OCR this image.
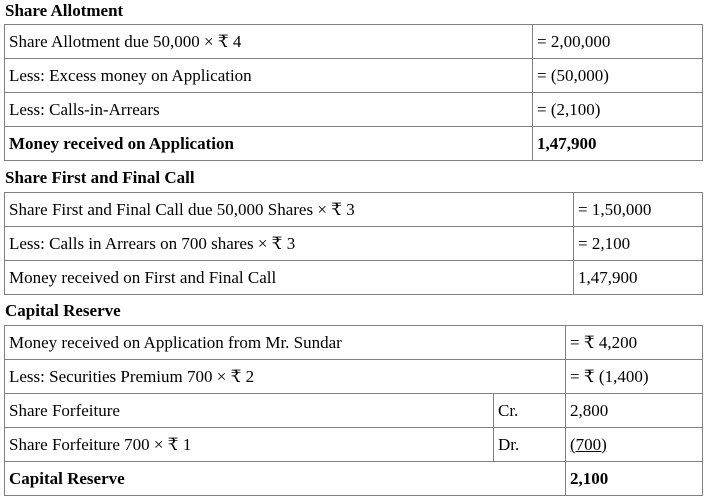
Share Allotment
Share Allotment due 50,000 × ₹ 4	= 2,00,000
Less: Excess money on Application	= (50,000)
Less: Calls-in-Arrears	= (2,100)
Money received on Application	1,47,900
Share First and Final Call
Share First and Final Call due 50,000 Shares × ₹ 3	= 1,50,000
Less: Calls in Arrears on 700 shares × ₹ 3	= 2,100
Money received on First and Final Call	1,47,900
Capital Reserve
Money received on Application from Mr. Sundar		= ₹ 4,200
Less: Securities Premium 700 × ₹ 2		= ₹ (1,400)
Share Forfeiture	Cr.	2,800
Share Forfeiture 700 × ₹ 1	Dr.	(700)
Capital Reserve		2,100
